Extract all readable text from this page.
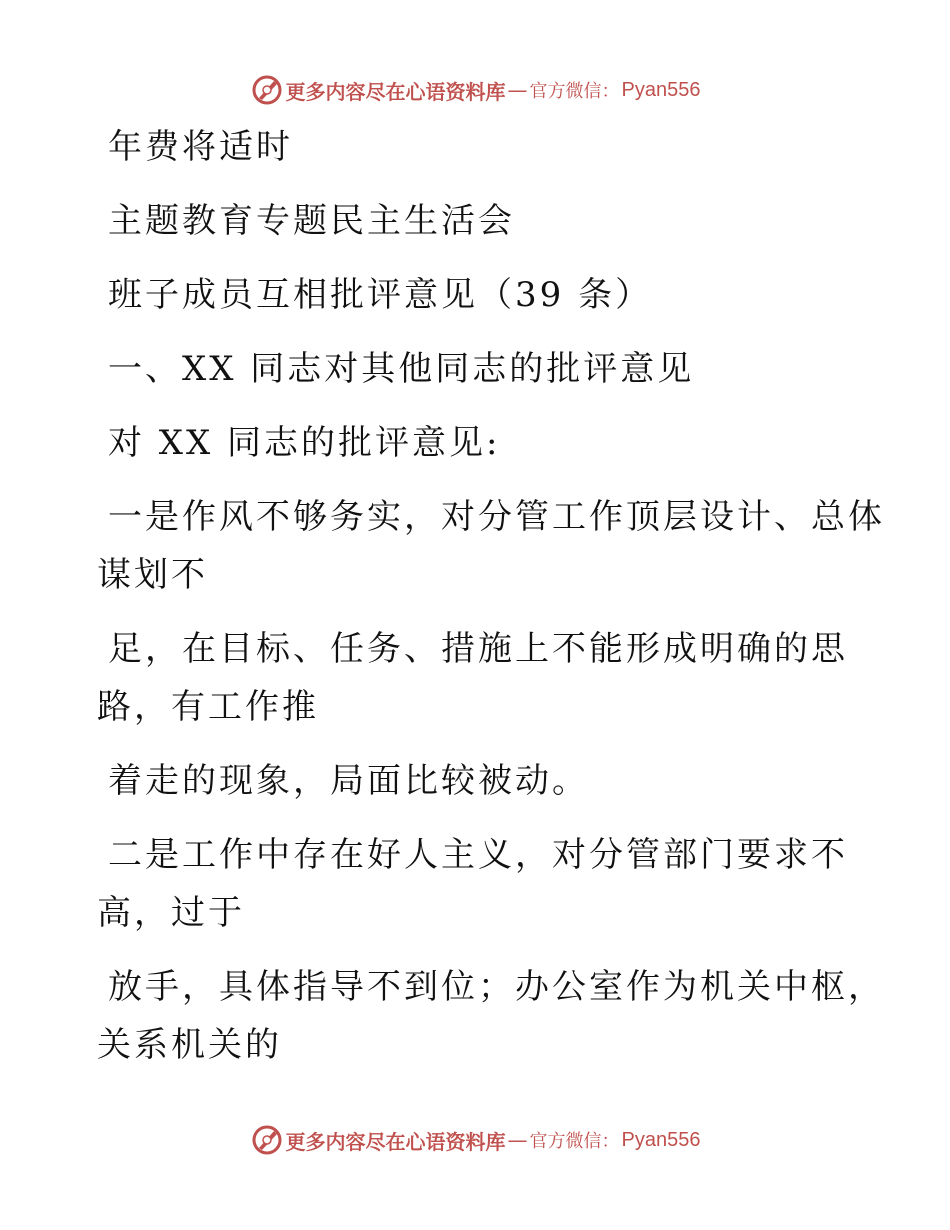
更多内容尽在心语资料库 — 官方微信： Pyan556
年费将适时
主题教育专题民主生活会
班子成员互相批评意见（39 条）
一、XX 同志对其他同志的批评意见
对 XX 同志的批评意见:
一是作风不够务实，对分管工作顶层设计、总体
谋划不
足，在目标、任务、措施上不能形成明确的思
路，有工作推
着走的现象，局面比较被动。
二是工作中存在好人主义，对分管部门要求不
高，过于
放手，具体指导不到位；办公室作为机关中枢，
关系机关的
更多内容尽在心语资料库 — 官方微信： Pyan556
